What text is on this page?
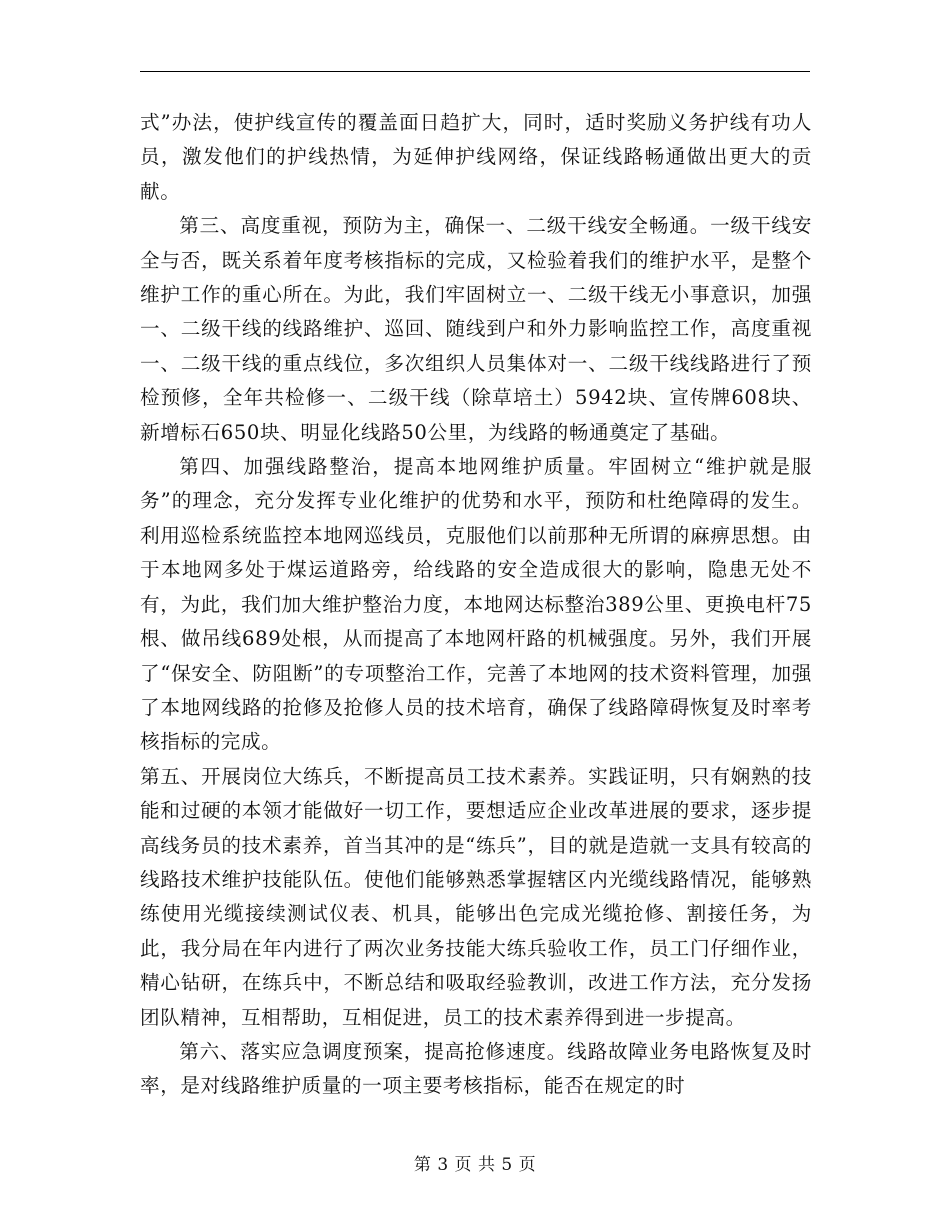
式”办法，使护线宣传的覆盖面日趋扩大，同时，适时奖励义务护线有功人员，激发他们的护线热情，为延伸护线网络，保证线路畅通做出更大的贡献。

第三、高度重视，预防为主，确保一、二级干线安全畅通。一级干线安全与否，既关系着年度考核指标的完成，又检验着我们的维护水平，是整个维护工作的重心所在。为此，我们牢固树立一、二级干线无小事意识，加强一、二级干线的线路维护、巡回、随线到户和外力影响监控工作，高度重视一、二级干线的重点线位，多次组织人员集体对一、二级干线线路进行了预检预修，全年共检修一、二级干线（除草培土）5942块、宣传牌608块、新增标石650块、明显化线路50公里，为线路的畅通奠定了基础。

第四、加强线路整治，提高本地网维护质量。牢固树立“维护就是服务”的理念，充分发挥专业化维护的优势和水平，预防和杜绝障碍的发生。利用巡检系统监控本地网巡线员，克服他们以前那种无所谓的麻痹思想。由于本地网多处于煤运道路旁，给线路的安全造成很大的影响，隐患无处不有，为此，我们加大维护整治力度，本地网达标整治389公里、更换电杆75根、做吊线689处根，从而提高了本地网杆路的机械强度。另外，我们开展了“保安全、防阻断”的专项整治工作，完善了本地网的技术资料管理，加强了本地网线路的抢修及抢修人员的技术培育，确保了线路障碍恢复及时率考核指标的完成。

第五、开展岗位大练兵，不断提高员工技术素养。实践证明，只有娴熟的技能和过硬的本领才能做好一切工作，要想适应企业改革进展的要求，逐步提高线务员的技术素养，首当其冲的是“练兵”，目的就是造就一支具有较高的线路技术维护技能队伍。使他们能够熟悉掌握辖区内光缆线路情况，能够熟练使用光缆接续测试仪表、机具，能够出色完成光缆抢修、割接任务，为此，我分局在年内进行了两次业务技能大练兵验收工作，员工门仔细作业，精心钻研，在练兵中，不断总结和吸取经验教训，改进工作方法，充分发扬团队精神，互相帮助，互相促进，员工的技术素养得到进一步提高。

第六、落实应急调度预案，提高抢修速度。线路故障业务电路恢复及时率，是对线路维护质量的一项主要考核指标，能否在规定的时

第 3 页 共 5 页
